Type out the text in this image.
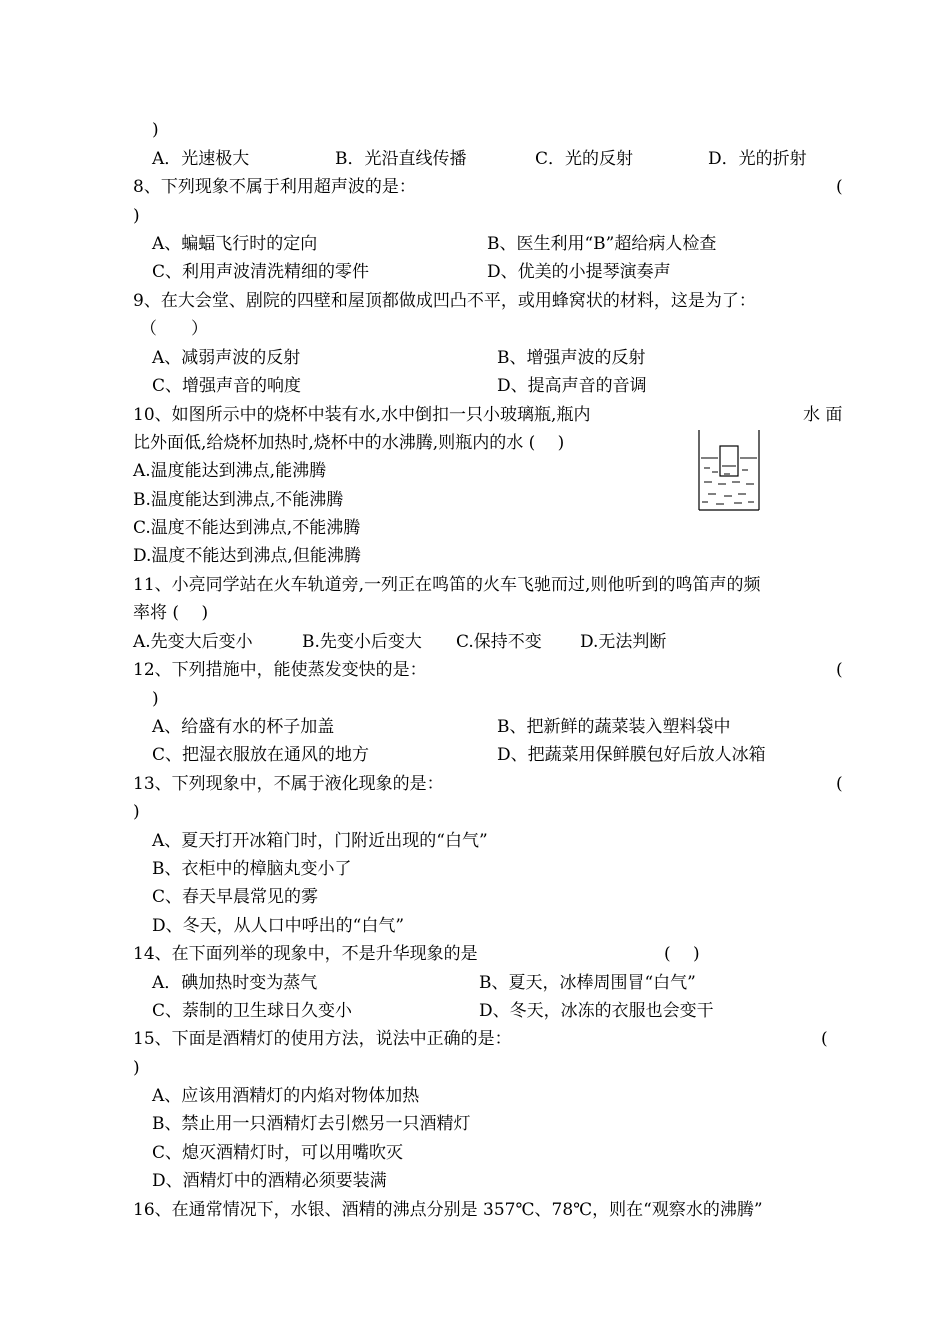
)
A．光速极大	B．光沿直线传播	C．光的反射	D．光的折射
8、下列现象不属于利用超声波的是：	(
)
A、蝙蝠飞行时的定向	B、医生利用“B”超给病人检查
C、利用声波清洗精细的零件	D、优美的小提琴演奏声
9、在大会堂、剧院的四壁和屋顶都做成凹凸不平，或用蜂窝状的材料，这是为了：
（　　）
A、减弱声波的反射	B、增强声波的反射
C、增强声音的响度	D、提高声音的音调
10、如图所示中的烧杯中装有水,水中倒扣一只小玻璃瓶,瓶内	水 面
比外面低,给烧杯加热时,烧杯中的水沸腾,则瓶内的水 (　 )
A.温度能达到沸点,能沸腾
B.温度能达到沸点,不能沸腾
C.温度不能达到沸点,不能沸腾
D.温度不能达到沸点,但能沸腾
11、小亮同学站在火车轨道旁,一列正在鸣笛的火车飞驰而过,则他听到的鸣笛声的频
率将 (　 )
A.先变大后变小	B.先变小后变大 C.保持不变 D.无法判断
12、下列措施中，能使蒸发变快的是：	(
)
A、给盛有水的杯子加盖	B、把新鲜的蔬菜装入塑料袋中
C、把湿衣服放在通风的地方	D、把蔬菜用保鲜膜包好后放人冰箱
13、下列现象中，不属于液化现象的是：	(
)
A、夏天打开冰箱门时，门附近出现的“白气”
B、衣柜中的樟脑丸变小了
C、春天早晨常见的雾
D、冬天，从人口中呼出的“白气”
14、在下面列举的现象中，不是升华现象的是	(　 )
A．碘加热时变为蒸气	B、夏天，冰棒周围冒“白气”
C、萘制的卫生球日久变小	D、冬天，冰冻的衣服也会变干
15、下面是酒精灯的使用方法，说法中正确的是：	(
)
A、应该用酒精灯的内焰对物体加热
B、禁止用一只酒精灯去引燃另一只酒精灯
C、熄灭酒精灯时，可以用嘴吹灭
D、酒精灯中的酒精必须要装满
16、在通常情况下，水银、酒精的沸点分别是 357℃、78℃，则在“观察水的沸腾”
